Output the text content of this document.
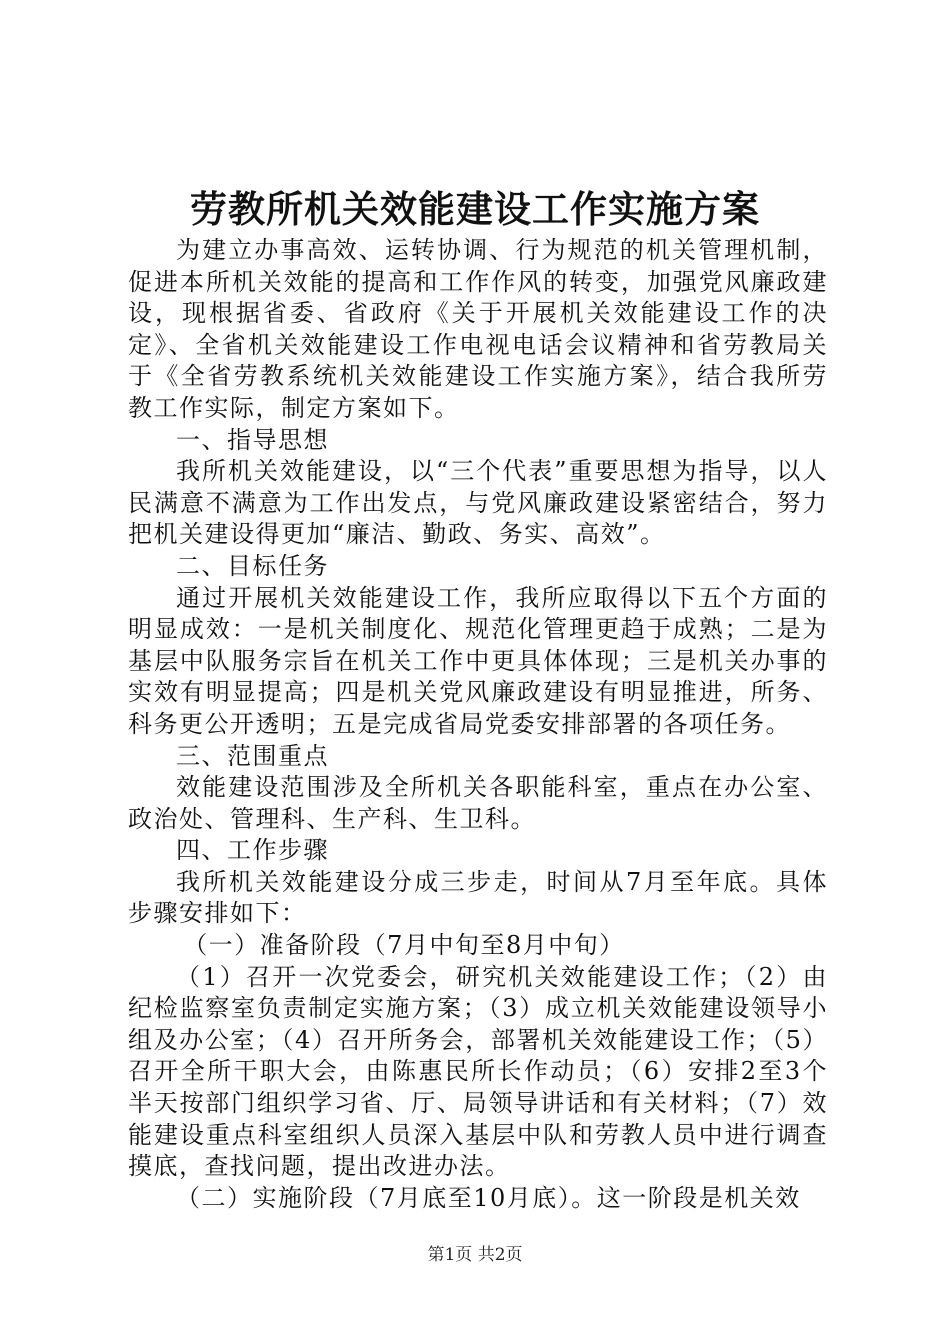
劳教所机关效能建设工作实施方案

为建立办事高效、运转协调、行为规范的机关管理机制，促进本所机关效能的提高和工作作风的转变，加强党风廉政建设，现根据省委、省政府《关于开展机关效能建设工作的决定》、全省机关效能建设工作电视电话会议精神和省劳教局关于《全省劳教系统机关效能建设工作实施方案》，结合我所劳教工作实际，制定方案如下。

一、指导思想

我所机关效能建设，以“三个代表”重要思想为指导，以人民满意不满意为工作出发点，与党风廉政建设紧密结合，努力把机关建设得更加“廉洁、勤政、务实、高效”。

二、目标任务

通过开展机关效能建设工作，我所应取得以下五个方面的明显成效：一是机关制度化、规范化管理更趋于成熟；二是为基层中队服务宗旨在机关工作中更具体体现；三是机关办事的实效有明显提高；四是机关党风廉政建设有明显推进，所务、科务更公开透明；五是完成省局党委安排部署的各项任务。

三、范围重点

效能建设范围涉及全所机关各职能科室，重点在办公室、政治处、管理科、生产科、生卫科。

四、工作步骤

我所机关效能建设分成三步走，时间从7月至年底。具体步骤安排如下：

（一）准备阶段（7月中旬至8月中旬）

（1）召开一次党委会，研究机关效能建设工作；（2）由纪检监察室负责制定实施方案；（3）成立机关效能建设领导小组及办公室；（4）召开所务会，部署机关效能建设工作；（5）召开全所干职大会，由陈惠民所长作动员；（6）安排2至3个半天按部门组织学习省、厅、局领导讲话和有关材料；（7）效能建设重点科室组织人员深入基层中队和劳教人员中进行调查摸底，查找问题，提出改进办法。

（二）实施阶段（7月底至10月底）。这一阶段是机关效

第1页 共2页
